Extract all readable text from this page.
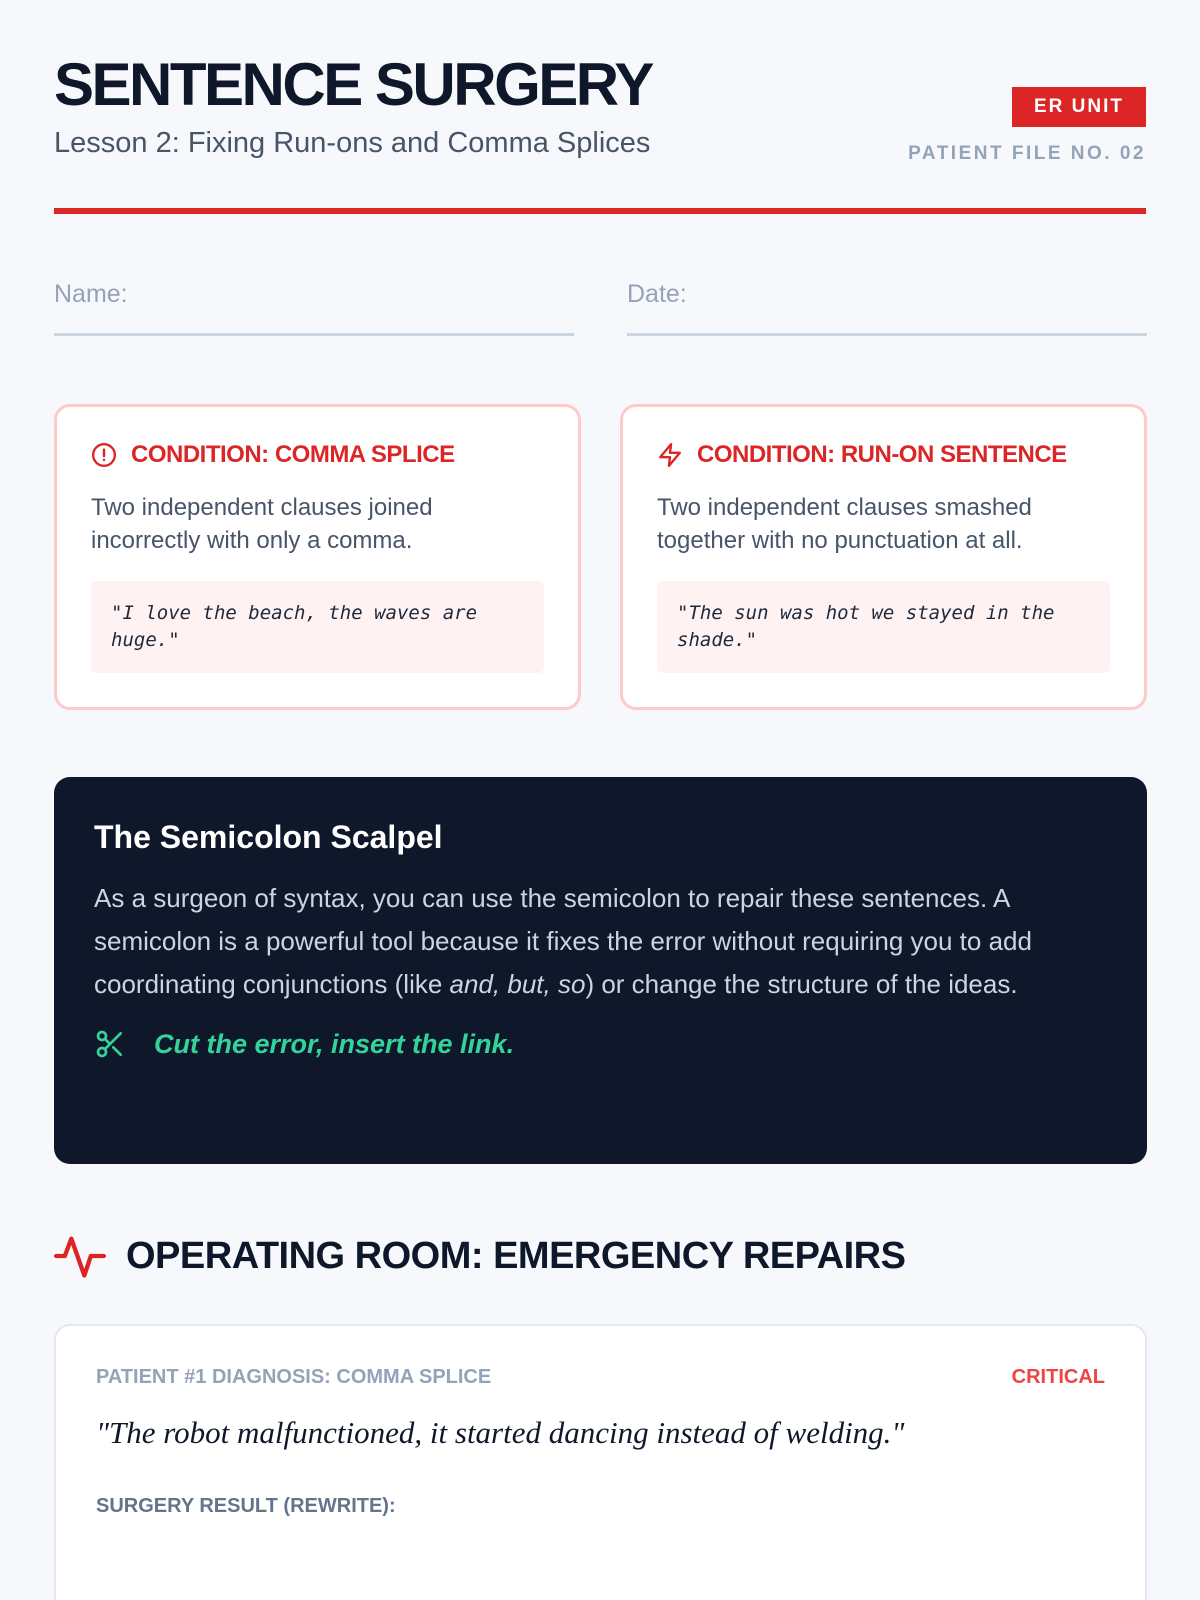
SENTENCE SURGERY
Lesson 2: Fixing Run-ons and Comma Splices
ER UNIT
PATIENT FILE NO. 02
Name:	Date:
CONDITION: COMMA SPLICE
Two independent clauses joined incorrectly with only a comma.
"I love the beach, the waves are huge."
CONDITION: RUN-ON SENTENCE
Two independent clauses smashed together with no punctuation at all.
"The sun was hot we stayed in the shade."
The Semicolon Scalpel
As a surgeon of syntax, you can use the semicolon to repair these sentences. A semicolon is a powerful tool because it fixes the error without requiring you to add coordinating conjunctions (like and, but, so) or change the structure of the ideas.
Cut the error, insert the link.
OPERATING ROOM: EMERGENCY REPAIRS
PATIENT #1 DIAGNOSIS: COMMA SPLICE	CRITICAL
"The robot malfunctioned, it started dancing instead of welding."
SURGERY RESULT (REWRITE):
